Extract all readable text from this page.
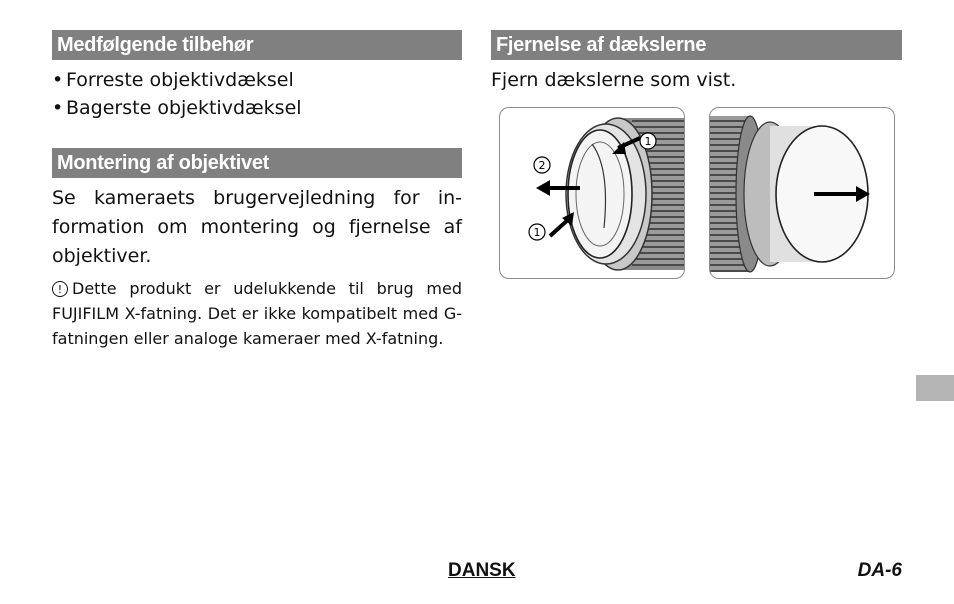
Medfølgende tilbehør
• Forreste objektivdæksel
• Bagerste objektivdæksel
Montering af objektivet

Se kameraets brugervejledning for in-formation om montering og fjernelse af objektiver.

! Dette produkt er udelukkende til brug med FUJIFILM X-fatning. Det er ikke kompatibelt med G-fatningen eller analoge kameraer med X-fatning.

Fjernelse af dækslerne

Fjern dækslerne som vist.

1
2
1
DANSK	DA-6
